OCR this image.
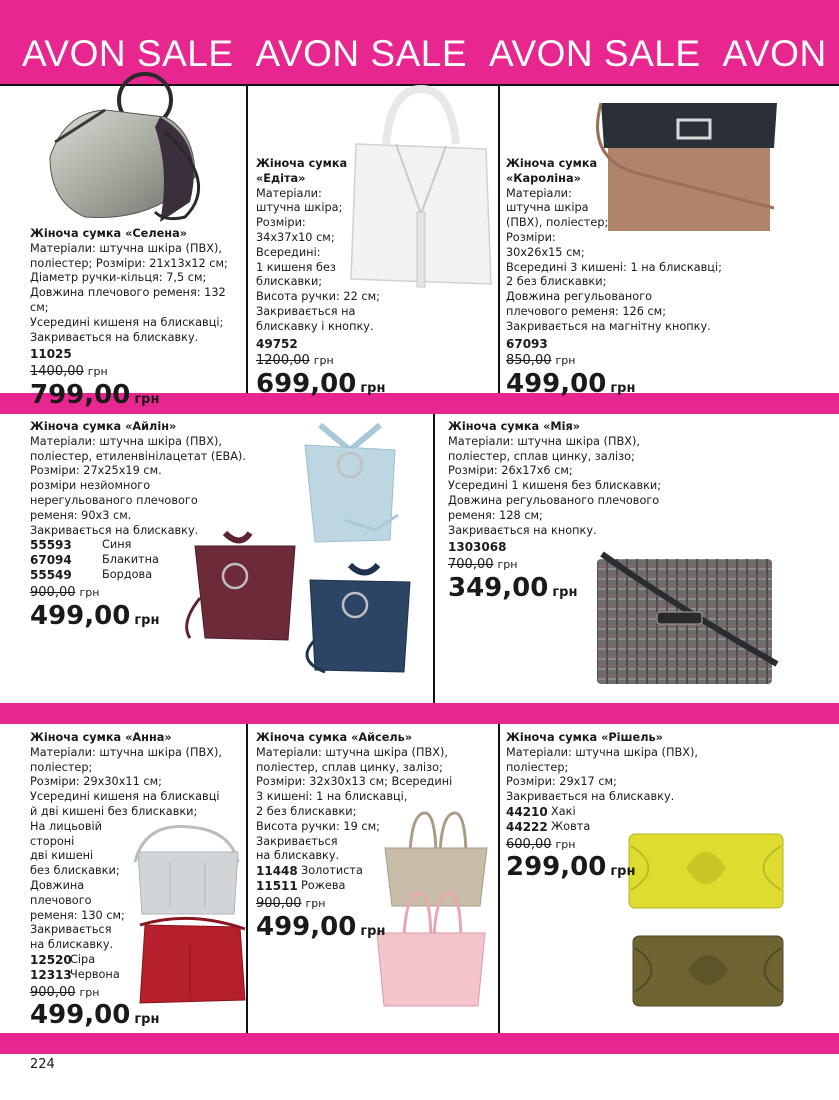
AVON SALE AVON SALE AVON SALE AVON
Жіноча сумка «Селена»
Матеріали: штучна шкіра (ПВХ),
поліестер; Розміри: 21x13x12 см;
Діаметр ручки-кільця: 7,5 см;
Довжина плечового ременя: 132 см;
Усередині кишеня на блискавці;
Закривається на блискавку.
11025
1400,00 грн
799,00 грн
Жіноча сумка «Едіта»
Матеріали:
штучна шкіра;
Розміри:
34x37x10 см;
Всередині:
1 кишеня без
блискавки;
Висота ручки: 22 см;
Закривається на
блискавку і кнопку.
49752
1200,00 грн
699,00 грн
Жіноча сумка «Кароліна»
Матеріали:
штучна шкіра
(ПВХ), поліестер;
Розміри:
30x26x15 см;
Всередині 3 кишені: 1 на блискавці;
2 без блискавки;
Довжина регульованого
плечового ременя: 126 см;
Закривається на магнітну кнопку.
67093
850,00 грн
499,00 грн
Жіноча сумка «Айлін»
Матеріали: штучна шкіра (ПВХ),
поліестер, етиленвінілацетат (EBA).
Розміри: 27x25x19 см.
розміри незйомного
нерегульованого плечового
ременя: 90x3 см.
Закривається на блискавку.
55593	Синя
67094	Блакитна
55549	Бордова
900,00 грн
499,00 грн
Жіноча сумка «Мія»
Матеріали: штучна шкіра (ПВХ),
поліестер, сплав цинку, залізо;
Розміри: 26x17x6 см;
Усередині 1 кишеня без блискавки;
Довжина регульованого плечового
ременя: 128 см;
Закривається на кнопку.
1303068
700,00 грн
349,00 грн
Жіноча сумка «Анна»
Матеріали: штучна шкіра (ПВХ),
поліестер;
Розміри: 29x30x11 см;
Усередині кишеня на блискавці
й дві кишені без блискавки;
На лицьовій
стороні
дві кишені
без блискавки;
Довжина
плечового
ременя: 130 см;
Закривається
на блискавку.
12520
Сіра
12313
Червона
900,00 грн
499,00 грн
Жіноча сумка «Айсель»
Матеріали: штучна шкіра (ПВХ),
поліестер, сплав цинку, залізо;
Розміри: 32x30x13 см; Всередині
3 кишені: 1 на блискавці,
2 без блискавки;
Висота ручки: 19 см;
Закривається
на блискавку.
11448 Золотиста
11511 Рожева
900,00 грн
499,00 грн
Жіноча сумка «Рішель»
Матеріали: штучна шкіра (ПВХ),
поліестер;
Розміри: 29x17 см;
Закривається на блискавку.
44210 Хакі
44222 Жовта
600,00 грн
299,00 грн
224
